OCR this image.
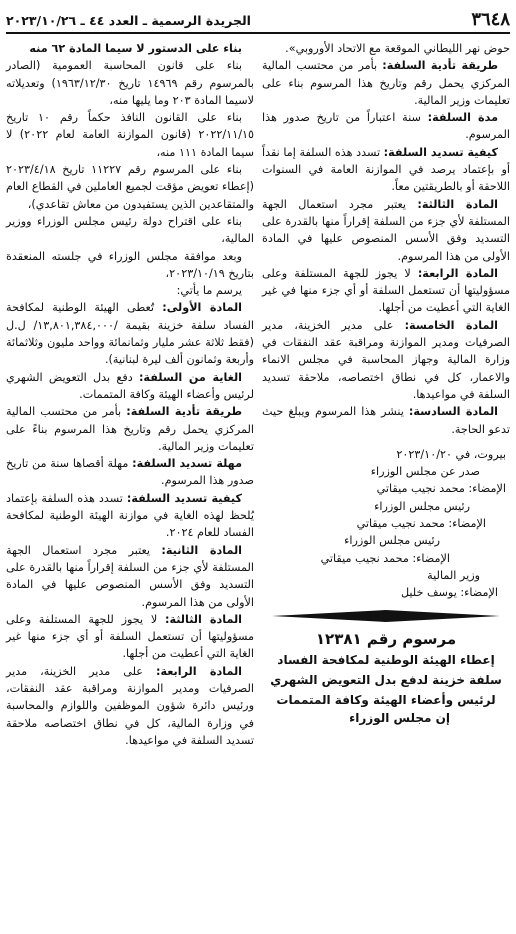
٣٦٤٨
الجريدة الرسمية ـ العدد ٤٤ ـ ٢٠٢٣/١٠/٢٦

حوض نهر الليطاني الموقعة مع الاتحاد الأوروبي».

طريقة تأدية السلفة: بأمر من محتسب المالية المركزي يحمل رقم وتاريخ هذا المرسوم بناء على تعليمات وزير المالية.

مدة السلفة: سنة اعتباراً من تاريخ صدور هذا المرسوم.

كيفية تسديد السلفة: تسدد هذه السلفة إما نقداً أو بإعتماد يرصد في الموازنة العامة في السنوات اللاحقة أو بالطريقتين معاً.

المادة الثالثة: يعتبر مجرد استعمال الجهة المستلفة لأي جزء من السلفة إقراراً منها بالقدرة على التسديد وفق الأسس المنصوص عليها في المادة الأولى من هذا المرسوم.

المادة الرابعة: لا يجوز للجهة المستلفة وعلى مسؤوليتها أن تستعمل السلفة أو أي جزء منها في غير الغاية التي أعطيت من أجلها.

المادة الخامسة: على مدير الخزينة، مدير الصرفيات ومدير الموازنة ومراقبة عقد النفقات في وزارة المالية وجهاز المحاسبة في مجلس الانماء والاعمار، كل في نطاق اختصاصه، ملاحقة تسديد السلفة في مواعيدها.

المادة السادسة: ينشر هذا المرسوم ويبلغ حيث تدعو الحاجة.

بيروت، في ٢٠٢٣/١٠/٢٠

صدر عن مجلس الوزراء

الإمضاء: محمد نجيب ميقاتي

رئيس مجلس الوزراء

الإمضاء: محمد نجيب ميقاتي

رئيس مجلس الوزراء

الإمضاء: محمد نجيب ميقاتي

وزير المالية

الإمضاء: يوسف خليل

مرسوم رقم ١٢٣٨١

إعطاء الهيئة الوطنية لمكافحة الفساد

سلفة خزينة لدفع بدل التعويض الشهري

لرئيس وأعضاء الهيئة وكافة المتممات

إن مجلس الوزراء

بناء على الدستور لا سيما المادة ٦٢ منه

بناء على قانون المحاسبة العمومية (الصادر بالمرسوم رقم ١٤٩٦٩ تاريخ ١٩٦٣/١٢/٣٠) وتعديلاته لاسيما المادة ٢٠٣ وما يليها منه،

بناء على القانون النافذ حكماً رقم ١٠ تاريخ ٢٠٢٢/١١/١٥ (قانون الموازنة العامة لعام ٢٠٢٢) لا سيما المادة ١١١ منه،

بناء على المرسوم رقم ١١٢٢٧ تاريخ ٢٠٢٣/٤/١٨ (إعطاء تعويض مؤقت لجميع العاملين في القطاع العام والمتقاعدين الذين يستفيدون من معاش تقاعدي)،

بناء على اقتراح دولة رئيس مجلس الوزراء ووزير المالية،

وبعد موافقة مجلس الوزراء في جلسته المنعقدة بتاريخ ٢٠٢٣/١٠/١٩،

يرسم ما يأتي:

المادة الأولى: تُعطى الهيئة الوطنية لمكافحة الفساد سلفة خزينة بقيمة /١٣,٨٠١,٣٨٤,٠٠٠/ ل.ل (فقط ثلاثة عشر مليار وثمانمائة وواحد مليون وثلاثمائة وأربعة وثمانون ألف ليرة لبنانية).

الغاية من السلفة: دفع بدل التعويض الشهري لرئيس وأعضاء الهيئة وكافة المتممات.

طريقة تأدية السلفة: بأمر من محتسب المالية المركزي يحمل رقم وتاريخ هذا المرسوم بناءً على تعليمات وزير المالية.

مهلة تسديد السلفة: مهلة أقصاها سنة من تاريخ صدور هذا المرسوم.

كيفية تسديد السلفة: تسدد هذه السلفة بإعتماد يُلحظ لهذه الغاية في موازنة الهيئة الوطنية لمكافحة الفساد للعام ٢٠٢٤.

المادة الثانية: يعتبر مجرد استعمال الجهة المستلفة لأي جزء من السلفة إقراراً منها بالقدرة على التسديد وفق الأسس المنصوص عليها في المادة الأولى من هذا المرسوم.

المادة الثالثة: لا يجوز للجهة المستلفة وعلى مسؤوليتها أن تستعمل السلفة أو أي جزء منها غير الغاية التي أعطيت من أجلها.

المادة الرابعة: على مدير الخزينة، مدير الصرفيات ومدير الموازنة ومراقبة عقد النفقات، ورئيس دائرة شؤون الموظفين واللوازم والمحاسبة في وزارة المالية، كل في نطاق اختصاصه ملاحقة تسديد السلفة في مواعيدها.
